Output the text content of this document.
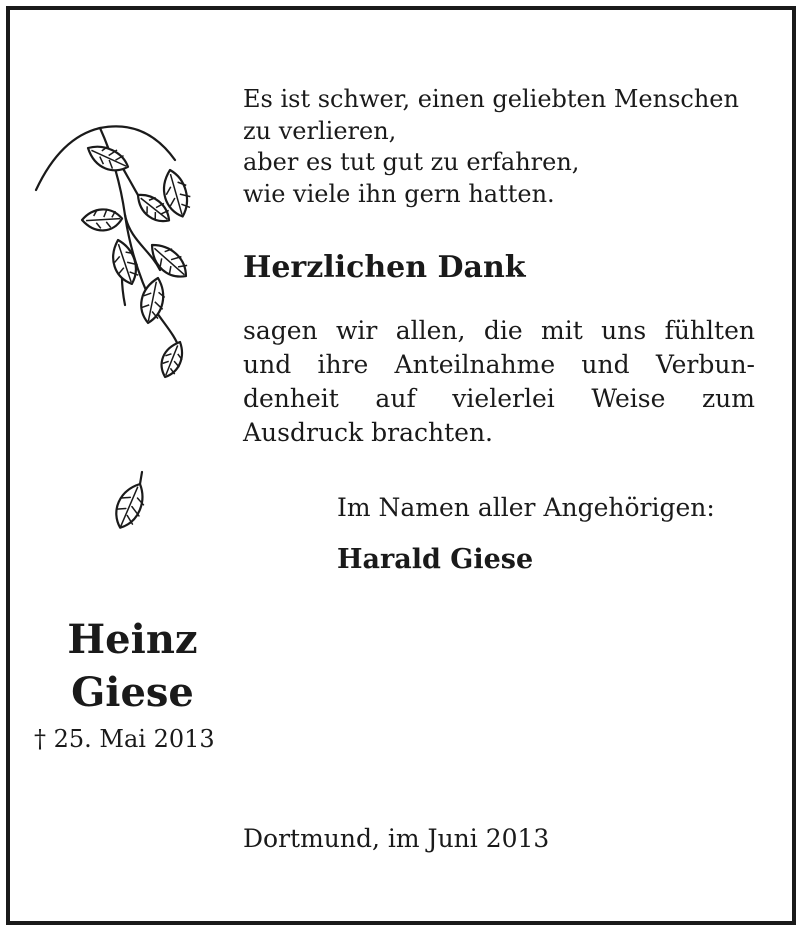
Es ist schwer, einen geliebten Menschen
zu verlieren,
aber es tut gut zu erfahren,
wie viele ihn gern hatten.

Herzlichen Dank

sagen wir allen, die mit uns fühlten
und ihre Anteilnahme und Verbun-
denheit auf vielerlei Weise zum
Ausdruck brachten.

Im Namen aller Angehörigen:

Harald Giese

Heinz

Giese

† 25. Mai 2013

Dortmund, im Juni 2013
